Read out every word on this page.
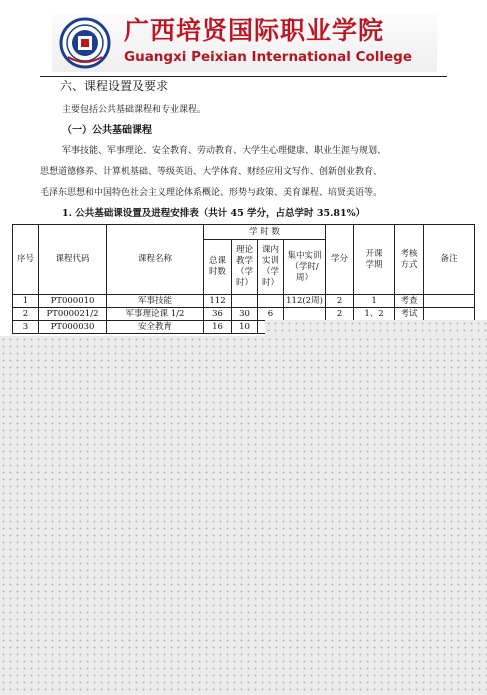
广西培贤国际职业学院
Guangxi Peixian International College
六、课程设置及要求
主要包括公共基础课程和专业课程。
（一）公共基础课程
军事技能、军事理论、安全教育、劳动教育、大学生心理健康、职业生涯与规划、
思想道德修养、计算机基础、等级英语、大学体育、财经应用文写作、创新创业教育、
毛泽东思想和中国特色社会主义理论体系概论、形势与政策、美育课程、培贤美语等。
1. 公共基础课设置及进程安排表（共计 45 学分，占总学时 35.81%）
序号	课程代码	课程名称	学 时 数				学分	开课学期	考核方式	备注
			总课时数	理论教学（学时）	课内实训（学时）	集中实训（学时/周）				
1	PT000010	军事技能	112			112(2周)	2	1	考查	
2	PT000021/2	军事理论课 1/2	36	30	6		2	1、2	考试	
3	PT000030	安全教育	16	10						
